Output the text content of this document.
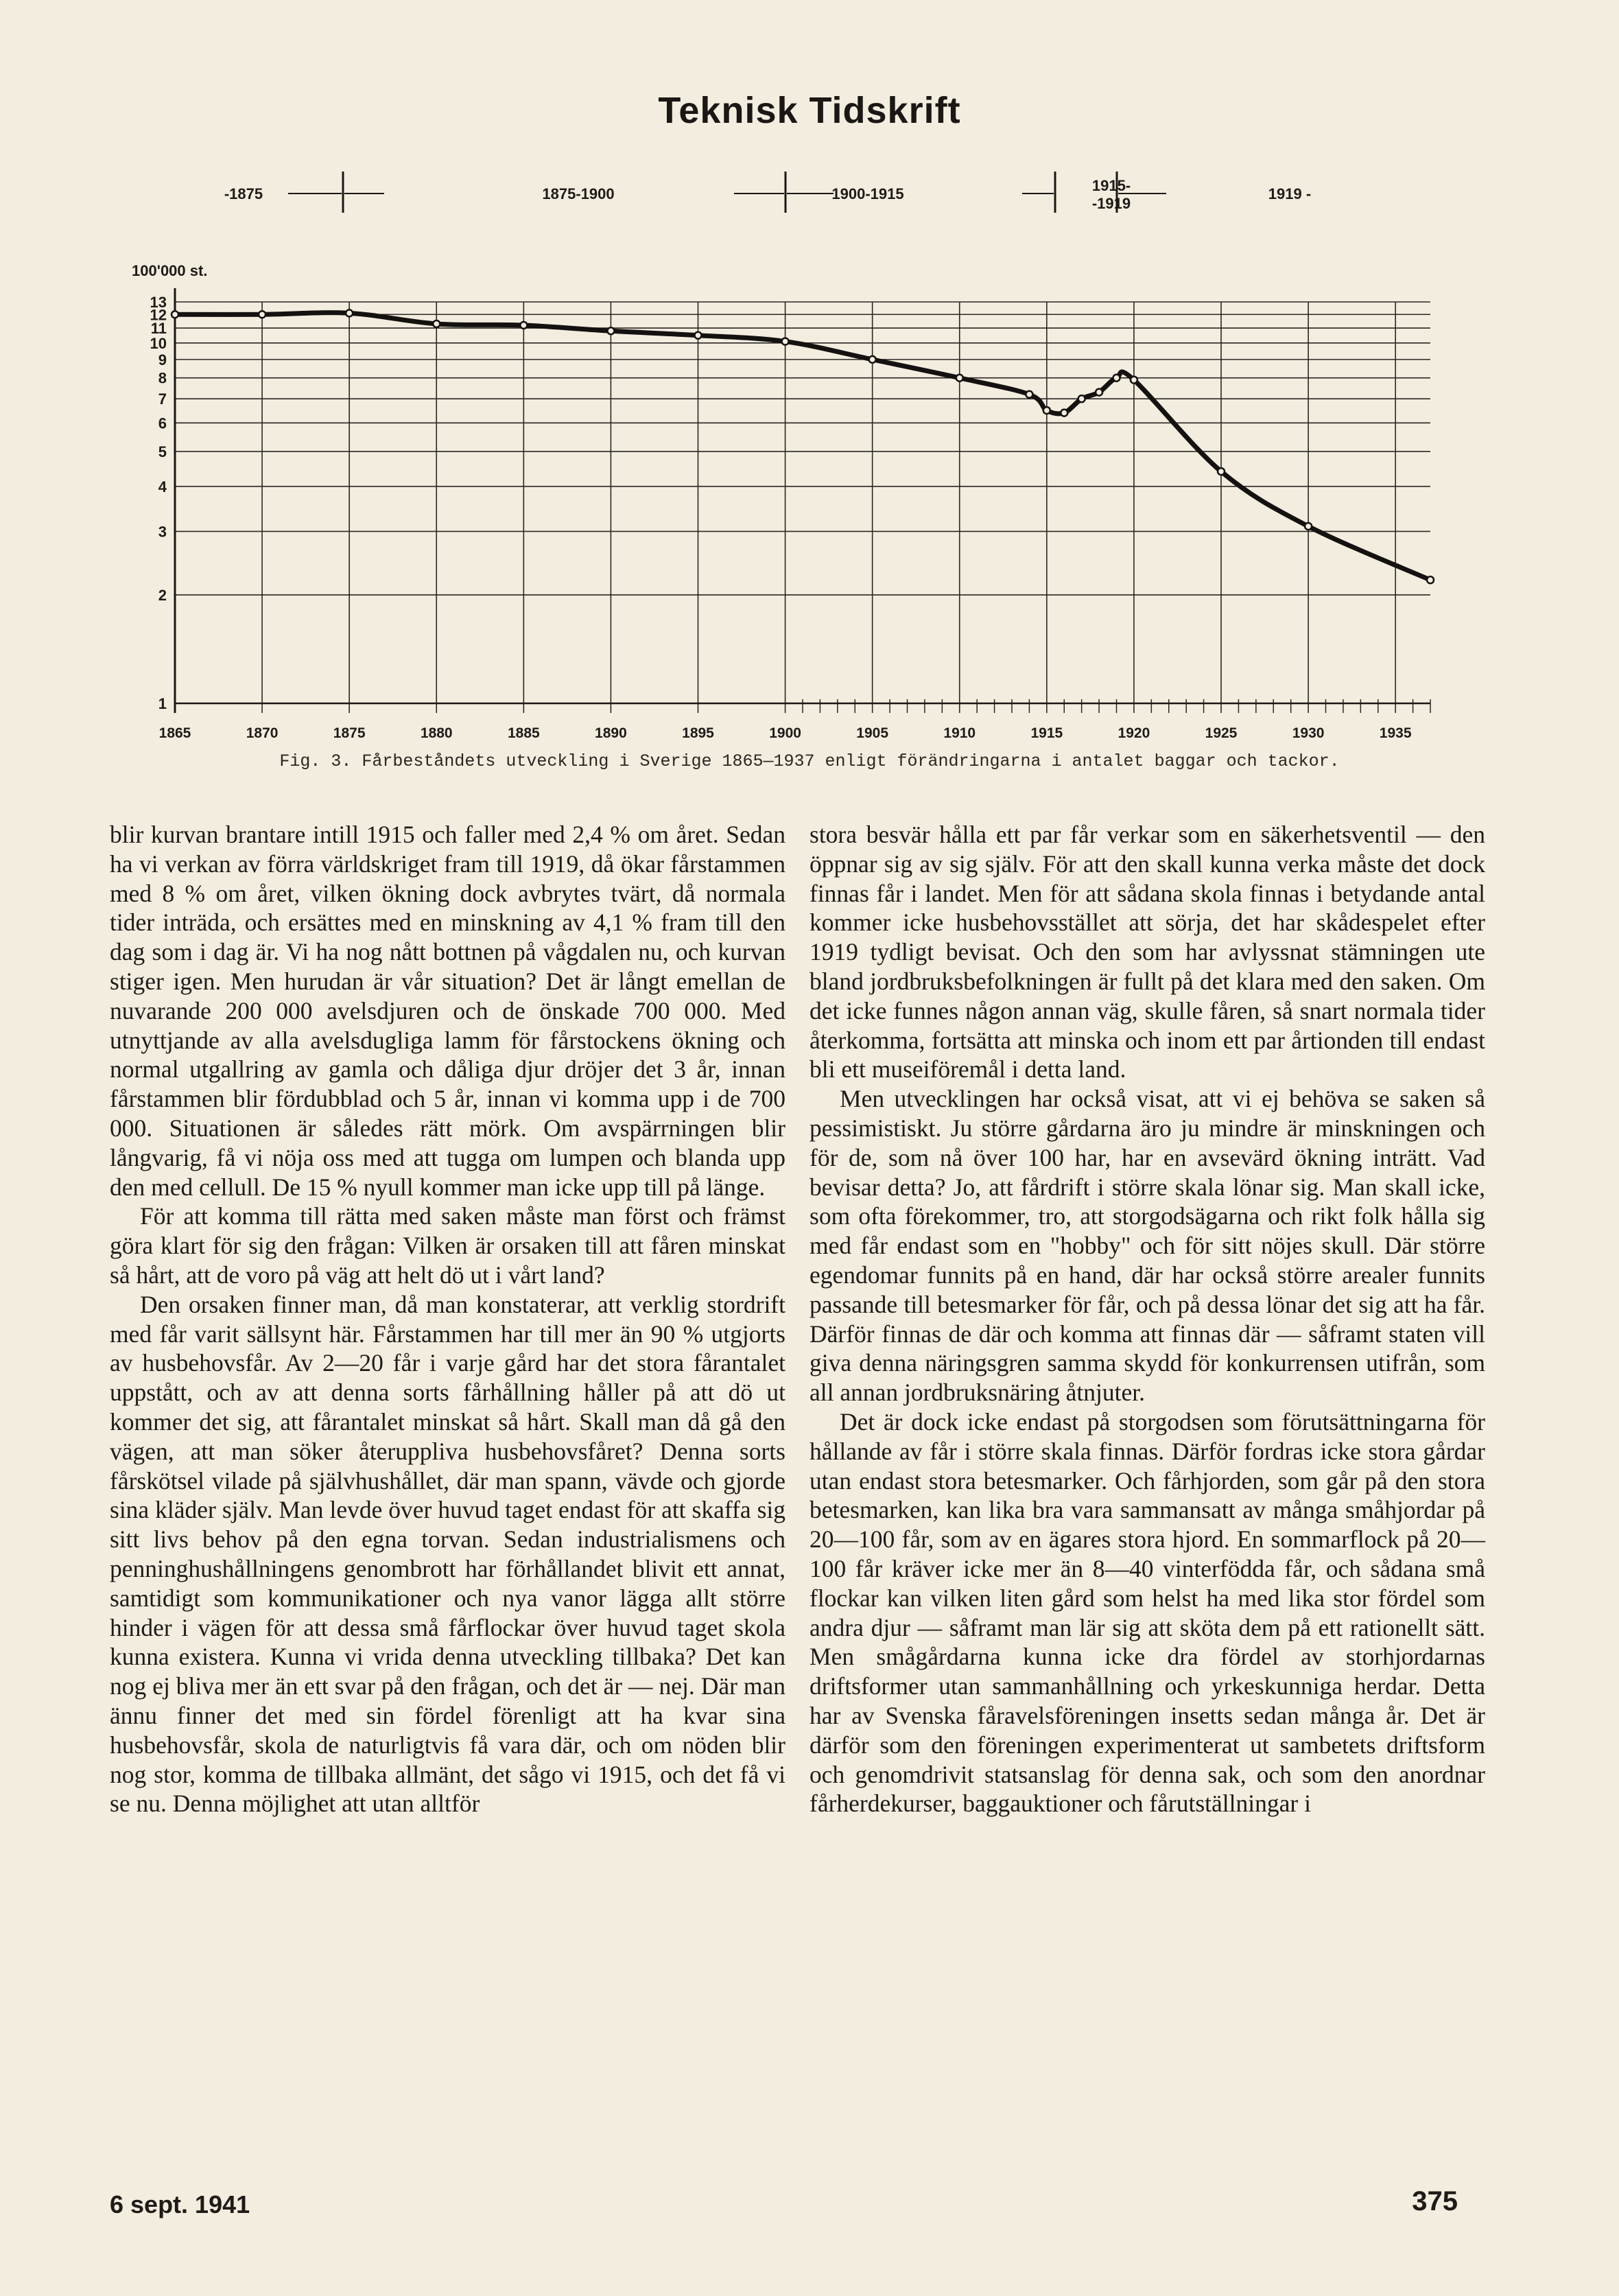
Teknisk Tidskrift
1
2
3
4
5
6
7
8
9
10
11
12
13
1865	1870	1875	1880	1885	1890	1895	1900	1905	1910	1915	1920	1925	1930	1935
100'000 st.
-1875	1875-1900	1900-1915	1915--1919
1919 -
Fig. 3. Fårbeståndets utveckling i Sverige 1865—1937 enligt förändringarna i antalet baggar och tackor.

blir kurvan brantare intill 1915 och faller med 2,4 % om året. Sedan ha vi verkan av förra världskriget fram till 1919, då ökar fårstammen med 8 % om året, vilken ökning dock avbrytes tvärt, då normala tider inträda, och ersättes med en minskning av 4,1 % fram till den dag som i dag är. Vi ha nog nått bottnen på vågdalen nu, och kurvan stiger igen. Men hurudan är vår situation? Det är långt emellan de nuvarande 200 000 avelsdjuren och de önskade 700 000. Med utnyttjande av alla avelsdugliga lamm för fårstockens ökning och normal utgallring av gamla och dåliga djur dröjer det 3 år, innan fårstammen blir fördubblad och 5 år, innan vi komma upp i de 700 000. Situationen är således rätt mörk. Om avspärrningen blir långvarig, få vi nöja oss med att tugga om lumpen och blanda upp den med cellull. De 15 % nyull kommer man icke upp till på länge.

För att komma till rätta med saken måste man först och främst göra klart för sig den frågan: Vilken är orsaken till att fåren minskat så hårt, att de voro på väg att helt dö ut i vårt land?

Den orsaken finner man, då man konstaterar, att verklig stordrift med får varit sällsynt här. Fårstammen har till mer än 90 % utgjorts av husbehovsfår. Av 2—20 får i varje gård har det stora fårantalet uppstått, och av att denna sorts fårhållning håller på att dö ut kommer det sig, att fårantalet minskat så hårt. Skall man då gå den vägen, att man söker återuppliva husbehovsfåret? Denna sorts fårskötsel vilade på självhushållet, där man spann, vävde och gjorde sina kläder själv. Man levde över huvud taget endast för att skaffa sig sitt livs behov på den egna torvan. Sedan industrialismens och penninghushållningens genombrott har förhållandet blivit ett annat, samtidigt som kommunikationer och nya vanor lägga allt större hinder i vägen för att dessa små fårflockar över huvud taget skola kunna existera. Kunna vi vrida denna utveckling tillbaka? Det kan nog ej bliva mer än ett svar på den frågan, och det är — nej. Där man ännu finner det med sin fördel förenligt att ha kvar sina husbehovsfår, skola de naturligtvis få vara där, och om nöden blir nog stor, komma de tillbaka allmänt, det sågo vi 1915, och det få vi se nu. Denna möjlighet att utan alltför

stora besvär hålla ett par får verkar som en säkerhetsventil — den öppnar sig av sig själv. För att den skall kunna verka måste det dock finnas får i landet. Men för att sådana skola finnas i betydande antal kommer icke husbehovsstället att sörja, det har skådespelet efter 1919 tydligt bevisat. Och den som har avlyssnat stämningen ute bland jordbruksbefolkningen är fullt på det klara med den saken. Om det icke funnes någon annan väg, skulle fåren, så snart normala tider återkomma, fortsätta att minska och inom ett par årtionden till endast bli ett museiföremål i detta land.

Men utvecklingen har också visat, att vi ej behöva se saken så pessimistiskt. Ju större gårdarna äro ju mindre är minskningen och för de, som nå över 100 har, har en avsevärd ökning inträtt. Vad bevisar detta? Jo, att fårdrift i större skala lönar sig. Man skall icke, som ofta förekommer, tro, att storgodsägarna och rikt folk hålla sig med får endast som en "hobby" och för sitt nöjes skull. Där större egendomar funnits på en hand, där har också större arealer funnits passande till betesmarker för får, och på dessa lönar det sig att ha får. Därför finnas de där och komma att finnas där — såframt staten vill giva denna näringsgren samma skydd för konkurrensen utifrån, som all annan jordbruksnäring åtnjuter.

Det är dock icke endast på storgodsen som förutsättningarna för hållande av får i större skala finnas. Därför fordras icke stora gårdar utan endast stora betesmarker. Och fårhjorden, som går på den stora betesmarken, kan lika bra vara sammansatt av många småhjordar på 20—100 får, som av en ägares stora hjord. En sommarflock på 20—100 får kräver icke mer än 8—40 vinterfödda får, och sådana små flockar kan vilken liten gård som helst ha med lika stor fördel som andra djur — såframt man lär sig att sköta dem på ett rationellt sätt. Men smågårdarna kunna icke dra fördel av storhjordarnas driftsformer utan sammanhållning och yrkeskunniga herdar. Detta har av Svenska fåravelsföreningen insetts sedan många år. Det är därför som den föreningen experimenterat ut sambetets driftsform och genomdrivit statsanslag för denna sak, och som den anordnar fårherdekurser, baggauktioner och fårutställningar i

6 sept. 1941	375
